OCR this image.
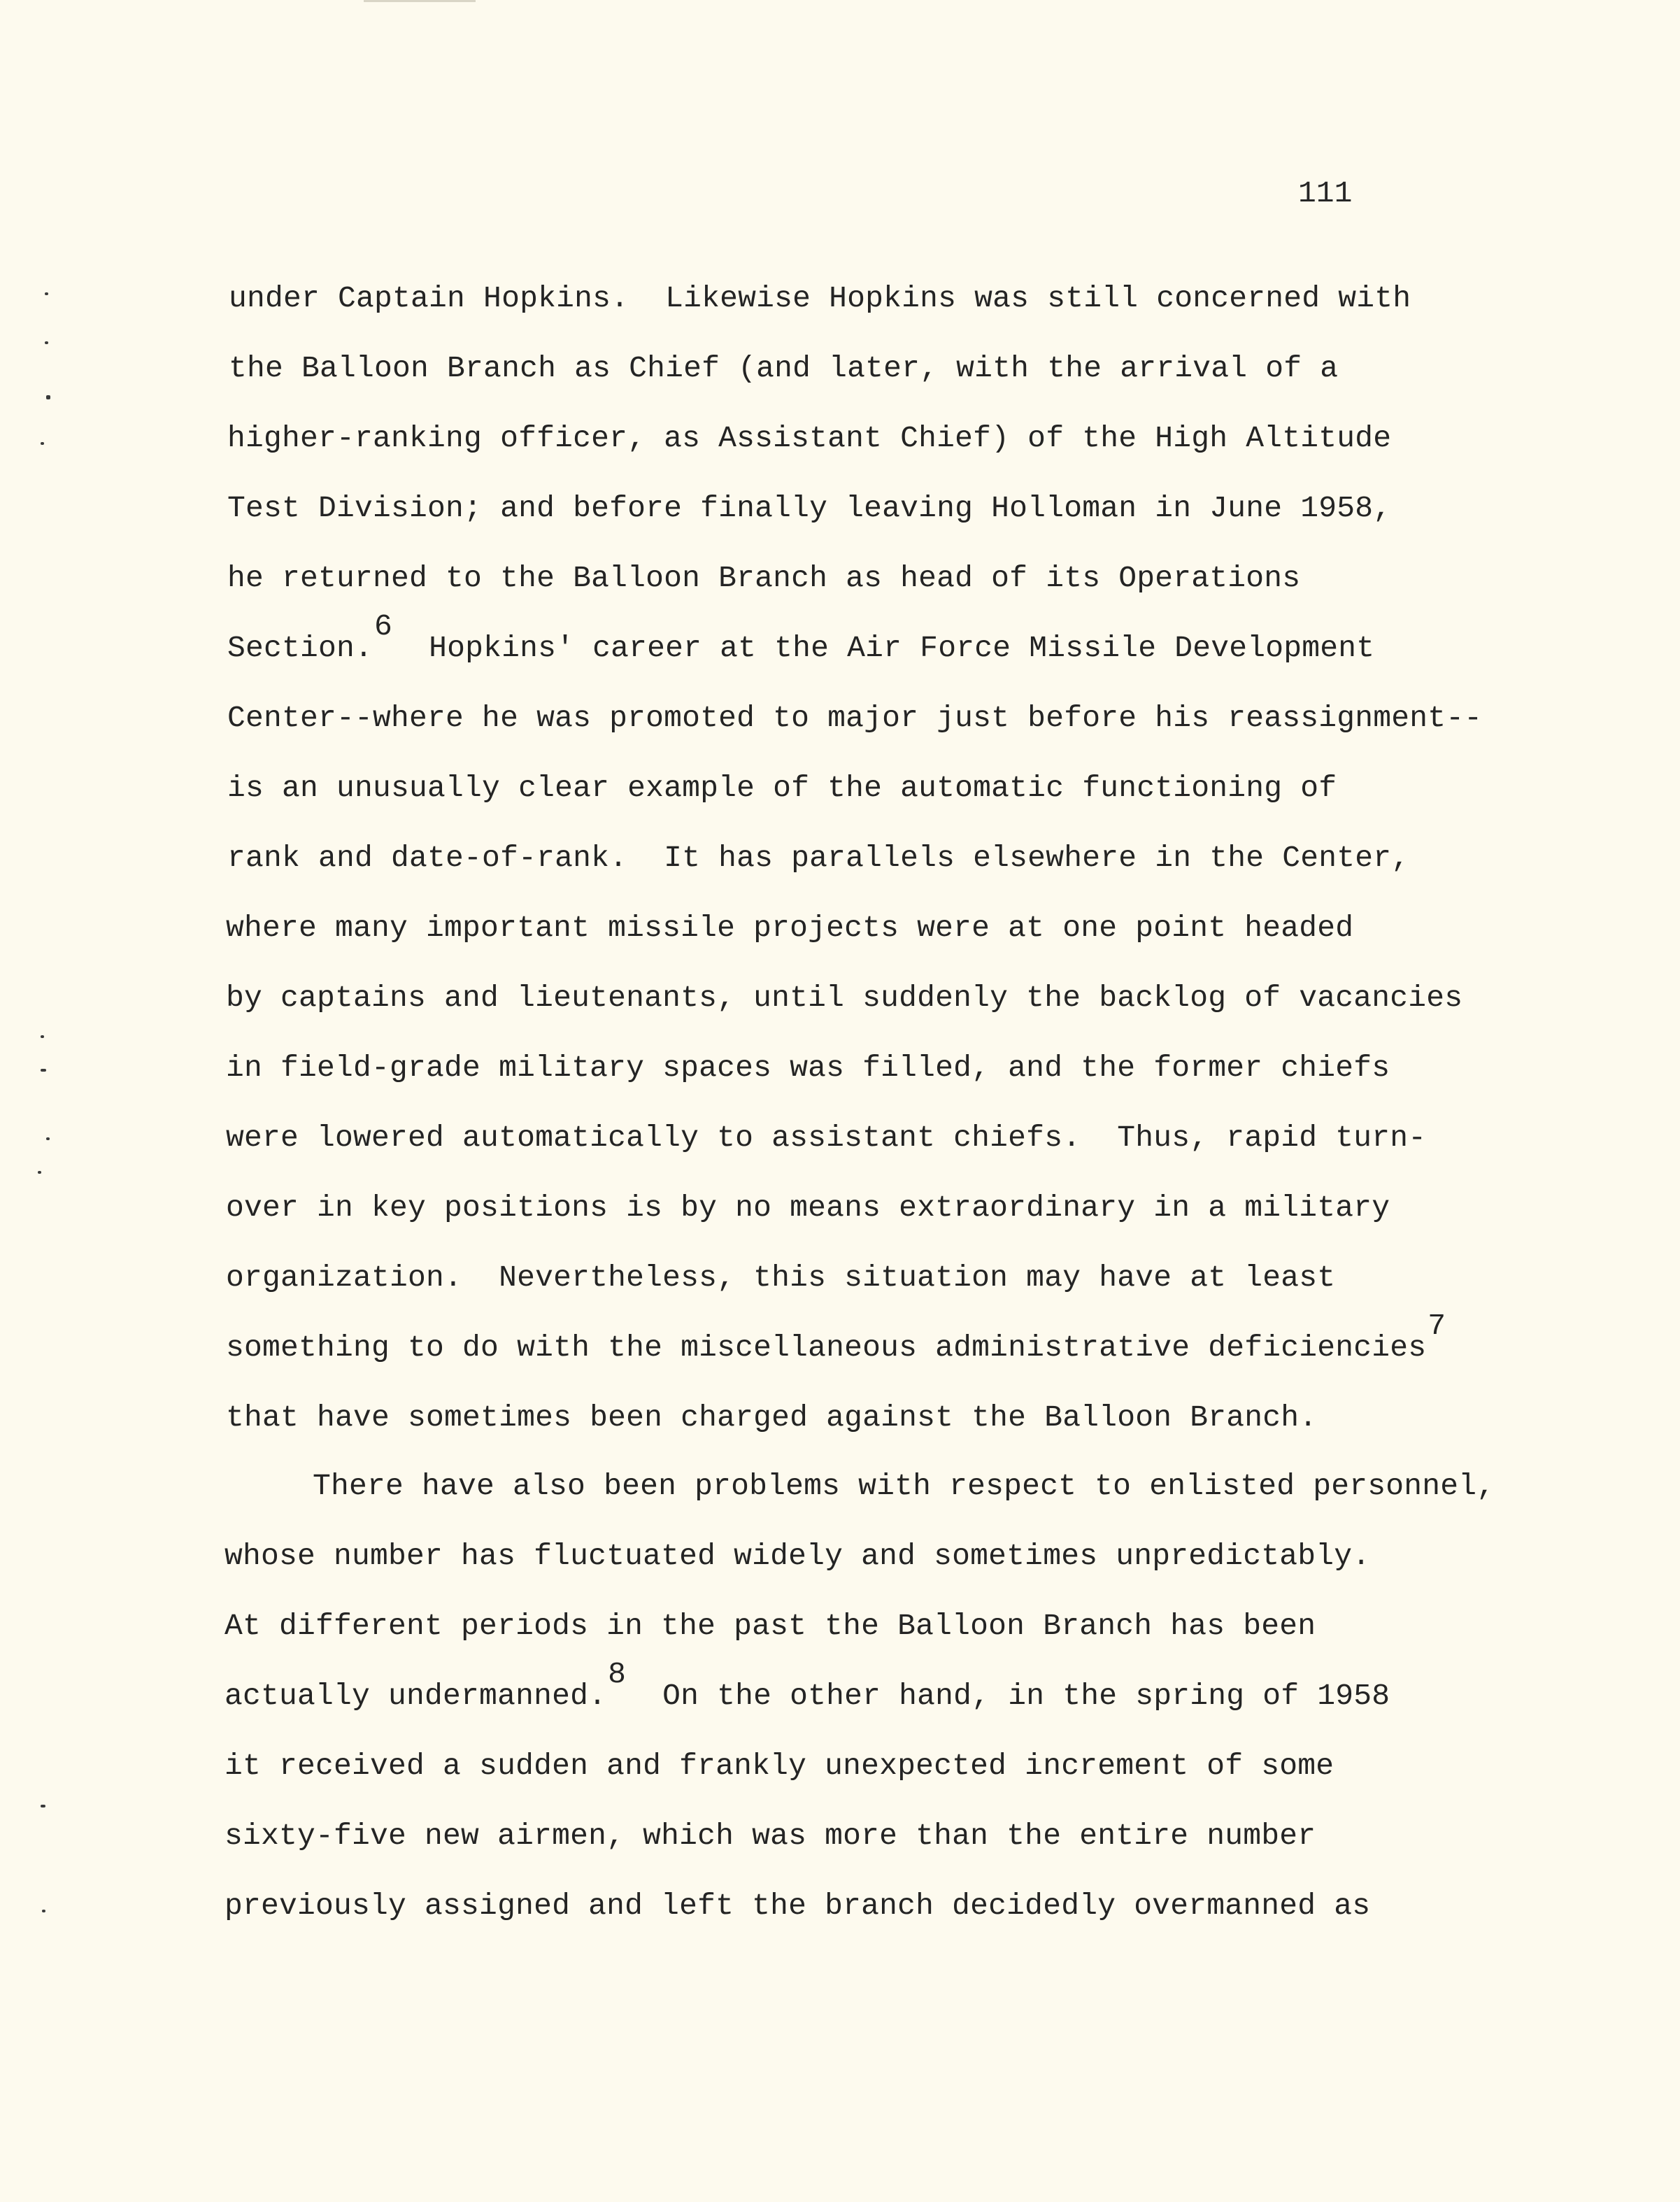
111
under Captain Hopkins.  Likewise Hopkins was still concerned with
the Balloon Branch as Chief (and later, with the arrival of a
higher-ranking officer, as Assistant Chief) of the High Altitude
Test Division; and before finally leaving Holloman in June 1958,
he returned to the Balloon Branch as head of its Operations
Section.6  Hopkins' career at the Air Force Missile Development
Center--where he was promoted to major just before his reassignment--
is an unusually clear example of the automatic functioning of
rank and date-of-rank.  It has parallels elsewhere in the Center,
where many important missile projects were at one point headed
by captains and lieutenants, until suddenly the backlog of vacancies
in field-grade military spaces was filled, and the former chiefs
were lowered automatically to assistant chiefs.  Thus, rapid turn-
over in key positions is by no means extraordinary in a military
organization.  Nevertheless, this situation may have at least
something to do with the miscellaneous administrative deficiencies7
that have sometimes been charged against the Balloon Branch.
There have also been problems with respect to enlisted personnel,
whose number has fluctuated widely and sometimes unpredictably.
At different periods in the past the Balloon Branch has been
actually undermanned.8  On the other hand, in the spring of 1958
it received a sudden and frankly unexpected increment of some
sixty-five new airmen, which was more than the entire number
previously assigned and left the branch decidedly overmanned as
